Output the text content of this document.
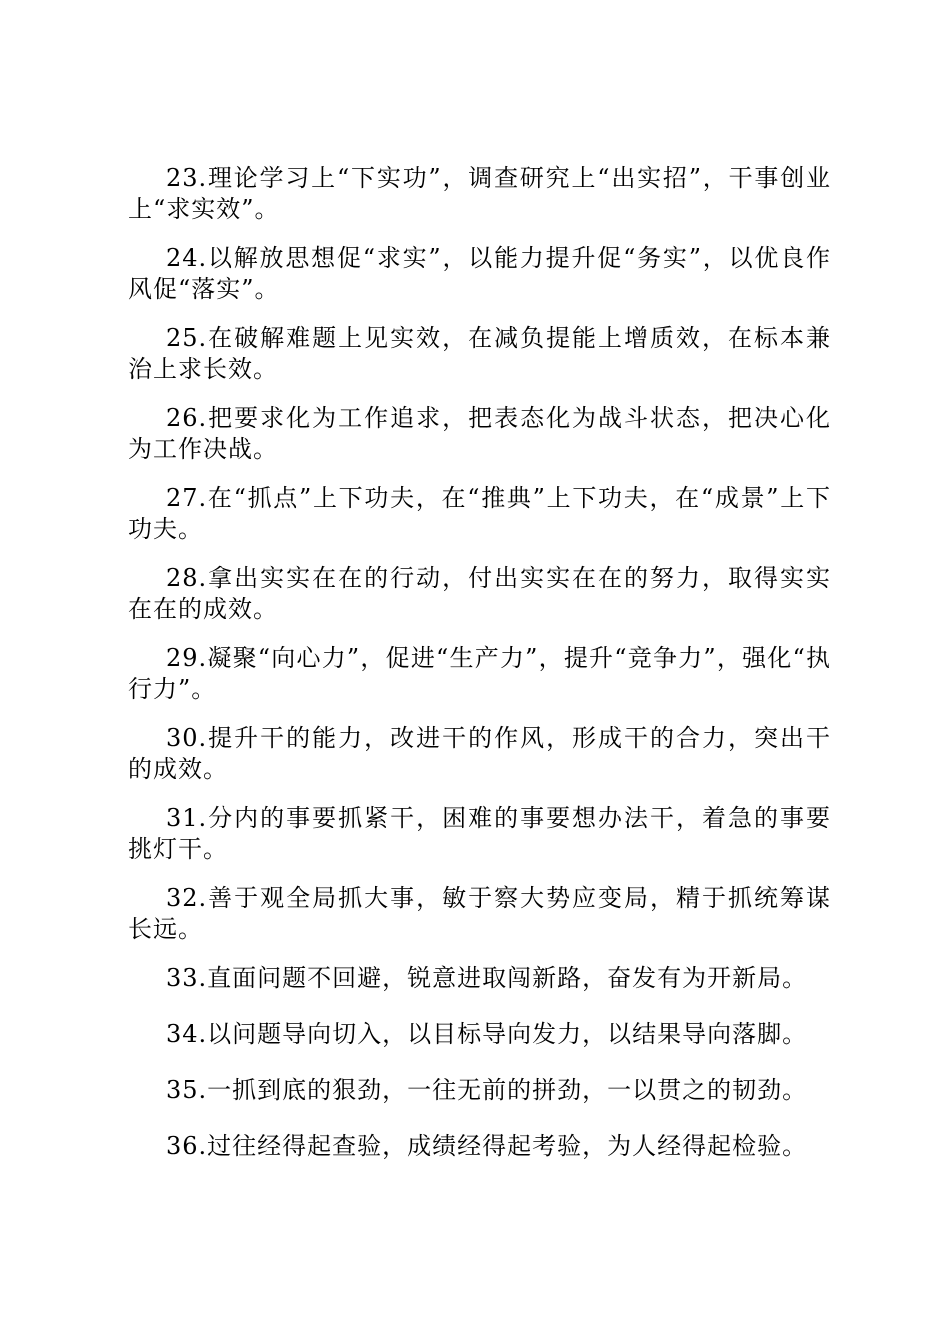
23.理论学习上“下实功”，调查研究上“出实招”，干事创业上“求实效”。

24.以解放思想促“求实”，以能力提升促“务实”，以优良作风促“落实”。

25.在破解难题上见实效，在减负提能上增质效，在标本兼治上求长效。

26.把要求化为工作追求，把表态化为战斗状态，把决心化为工作决战。

27.在“抓点”上下功夫，在“推典”上下功夫，在“成景”上下功夫。

28.拿出实实在在的行动，付出实实在在的努力，取得实实在在的成效。

29.凝聚“向心力”，促进“生产力”，提升“竞争力”，强化“执行力”。

30.提升干的能力，改进干的作风，形成干的合力，突出干的成效。

31.分内的事要抓紧干，困难的事要想办法干，着急的事要挑灯干。

32.善于观全局抓大事，敏于察大势应变局，精于抓统筹谋长远。

33.直面问题不回避，锐意进取闯新路，奋发有为开新局。

34.以问题导向切入，以目标导向发力，以结果导向落脚。

35.一抓到底的狠劲，一往无前的拼劲，一以贯之的韧劲。

36.过往经得起查验，成绩经得起考验，为人经得起检验。
